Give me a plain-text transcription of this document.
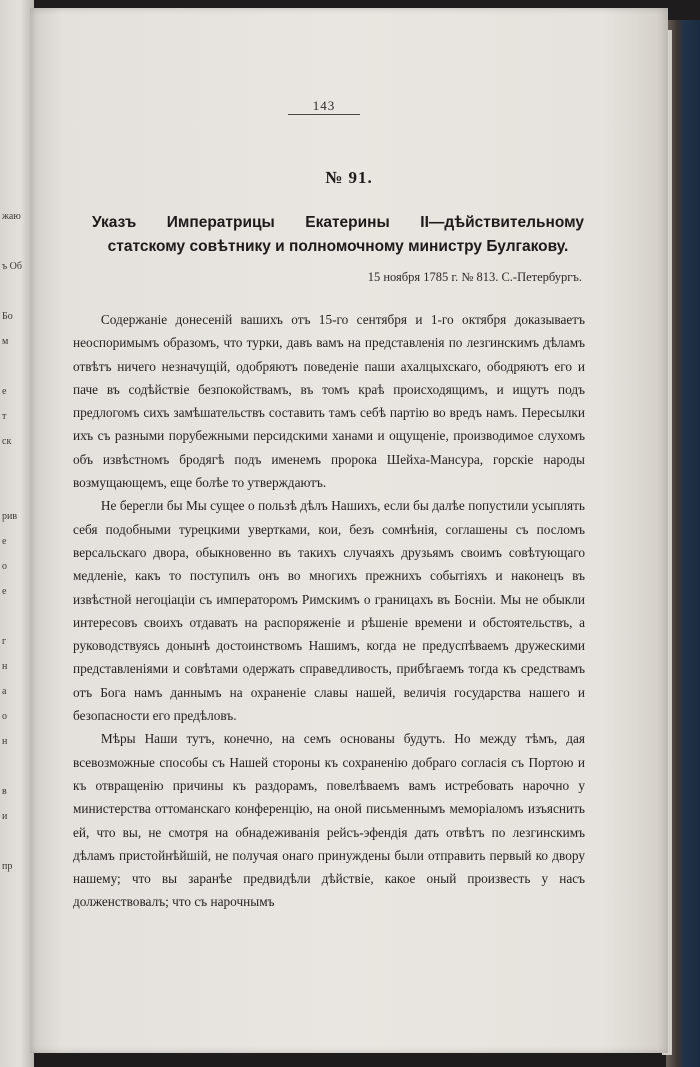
жаю
ъ Об
Бо
м
е
т
ск
рив
е
о
е
г
н
а
о
н
в
и
пр
143
№ 91.
Указъ Императрицы Екатерины II—дѣйствительному статскому совѣтнику и полномочному министру Булгакову.
15 ноября 1785 г. № 813. С.-Петербургъ.

Содержаніе донесеній вашихъ отъ 15-го сентября и 1-го октября доказываетъ неоспоримымъ образомъ, что турки, давъ вамъ на представленія по лезгинскимъ дѣламъ отвѣтъ ничего незначущій, одобряютъ поведеніе паши ахалцыхскаго, ободряютъ его и паче въ содѣйствіе безпокойствамъ, въ томъ краѣ происходящимъ, и ищутъ подъ предлогомъ сихъ замѣшательствъ составить тамъ себѣ партію во вредъ намъ. Пересылки ихъ съ разными порубежными персидскими ханами и ощущеніе, производимое слухомъ объ извѣстномъ бродягѣ подъ именемъ пророка Шейха-Мансура, горскіе народы возмущающемъ, еще болѣе то утверждаютъ.

Не берегли бы Мы сущее о пользѣ дѣлъ Нашихъ, если бы далѣе попустили усыплять себя подобными турецкими увертками, кои, безъ сомнѣнія, соглашены съ посломъ версальскаго двора, обыкновенно въ такихъ случаяхъ друзьямъ своимъ совѣтующаго медленіе, какъ то поступилъ онъ во многихъ прежнихъ событіяхъ и наконецъ въ извѣстной негоціаціи съ императоромъ Римскимъ о границахъ въ Босніи. Мы не обыкли интересовъ своихъ отдавать на распоряженіе и рѣшеніе времени и обстоятельствъ, а руководствуясь донынѣ достоинствомъ Нашимъ, когда не предуспѣваемъ дружескими представленіями и совѣтами одержать справедливость, прибѣгаемъ тогда къ средствамъ отъ Бога намъ даннымъ на охраненіе славы нашей, величія государства нашего и безопасности его предѣловъ.

Мѣры Наши тутъ, конечно, на семъ основаны будутъ. Но между тѣмъ, дая всевозможные способы съ Нашей стороны къ сохраненію добраго согласія съ Портою и къ отвращенію причины къ раздорамъ, повелѣваемъ вамъ истребовать нарочно у министерства оттоманскаго конференцію, на оной письменнымъ меморіаломъ изъяснить ей, что вы, не смотря на обнадеживанія рейсъ-эфендія дать отвѣтъ по лезгинскимъ дѣламъ пристойнѣйшій, не получая онаго принуждены были отправить первый ко двору нашему; что вы заранѣе предвидѣли дѣйствіе, какое оный произвесть у насъ долженствовалъ; что съ нарочнымъ
